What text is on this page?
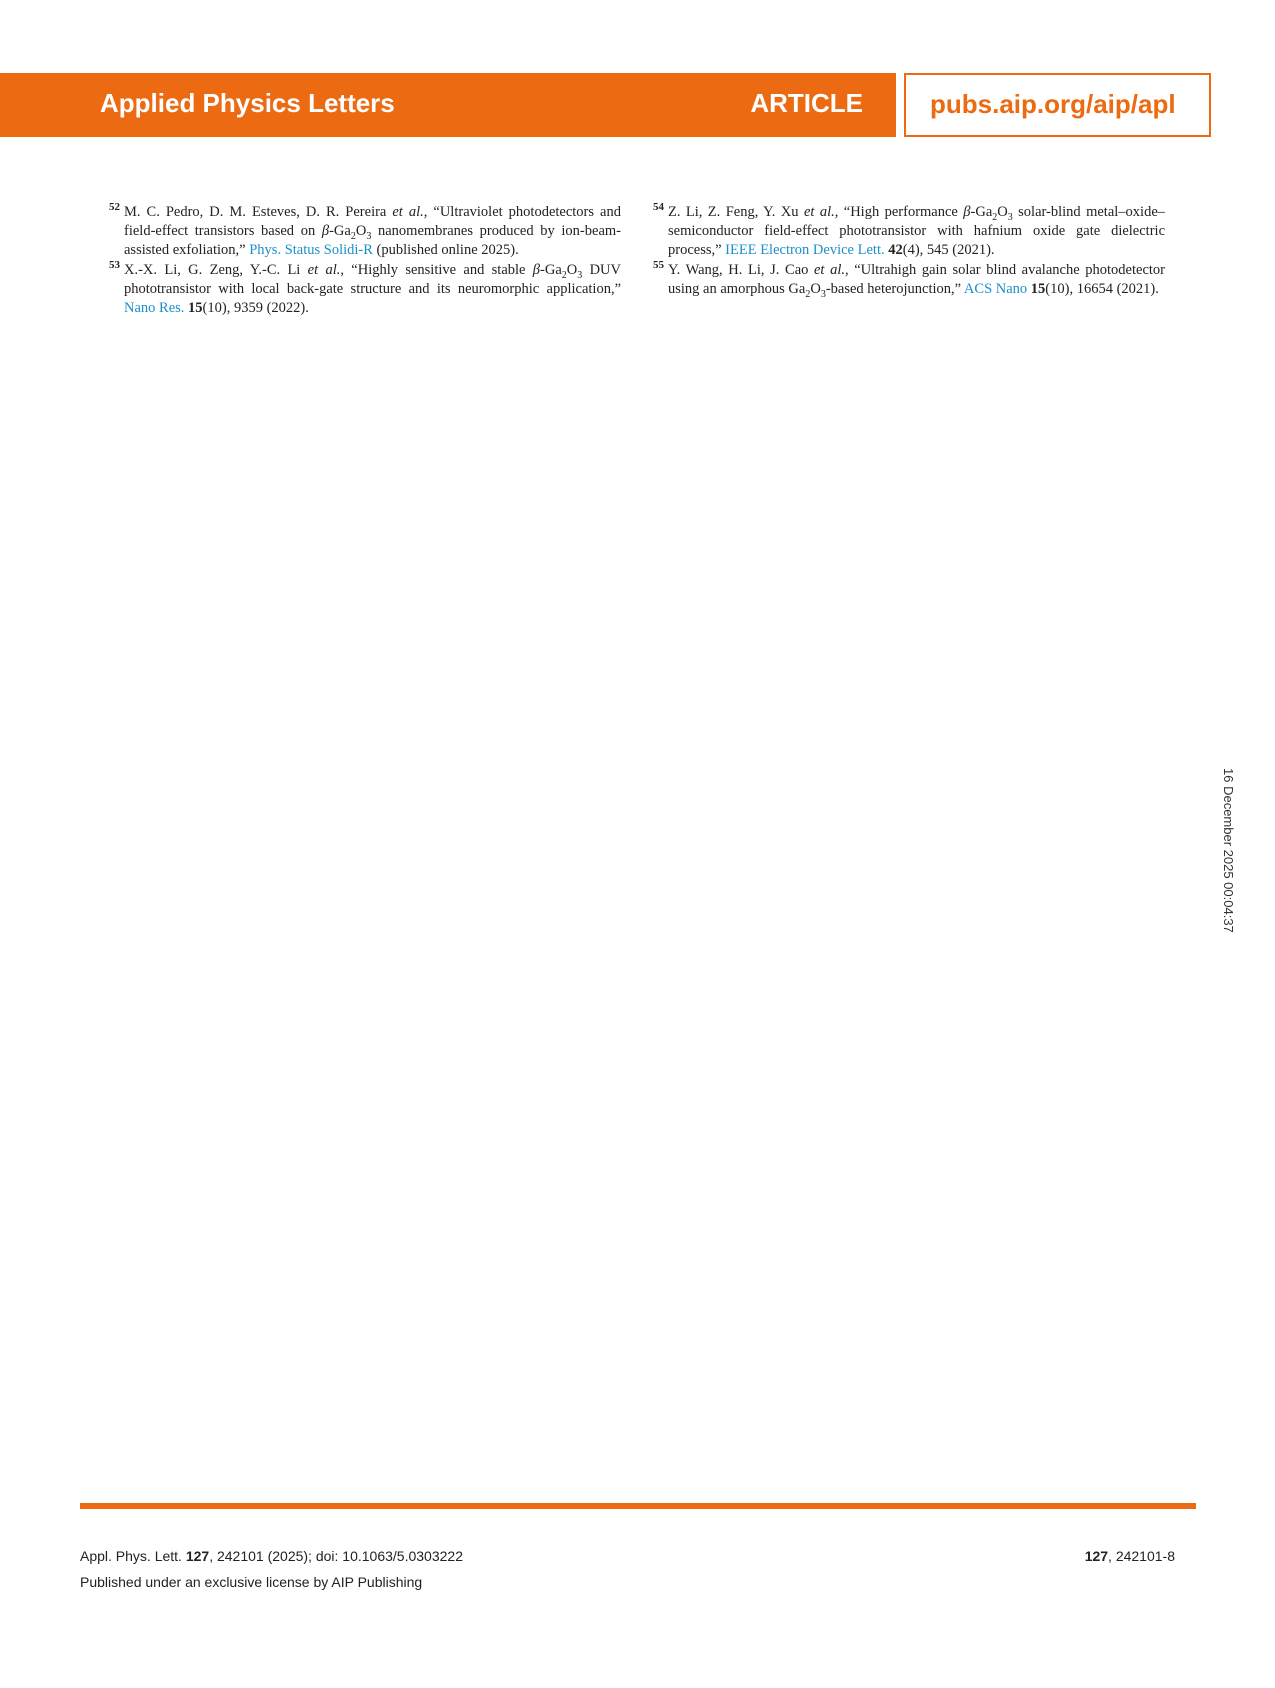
Applied Physics Letters	ARTICLE	pubs.aip.org/aip/apl
52 M. C. Pedro, D. M. Esteves, D. R. Pereira et al., “Ultraviolet photodetectors and field-effect transistors based on $\beta-Ga_2O_3$ nanomembranes produced by ion-beam-assisted exfoliation,” Phys. Status Solidi-R (published online 2025).
53 X.-X. Li, G. Zeng, Y.-C. Li et al., “Highly sensitive and stable $\beta-Ga_2O_3$ DUV phototransistor with local back-gate structure and its neuromorphic application,” Nano Res. 15(10), 9359 (2022).
54 Z. Li, Z. Feng, Y. Xu et al., “High performance $\beta-Ga_2O_3$ solar-blind metal–oxide–semiconductor field-effect phototransistor with hafnium oxide gate dielectric process,” IEEE Electron Device Lett. 42(4), 545 (2021).
55 Y. Wang, H. Li, J. Cao et al., “Ultrahigh gain solar blind avalanche photodetector using an amorphous $Ga_2O_3$-based heterojunction,” ACS Nano 15(10), 16654 (2021).
16 December 2025 00:04:37
Appl. Phys. Lett. 127, 242101 (2025); doi: 10.1063/5.0303222
Published under an exclusive license by AIP Publishing
127, 242101-8
